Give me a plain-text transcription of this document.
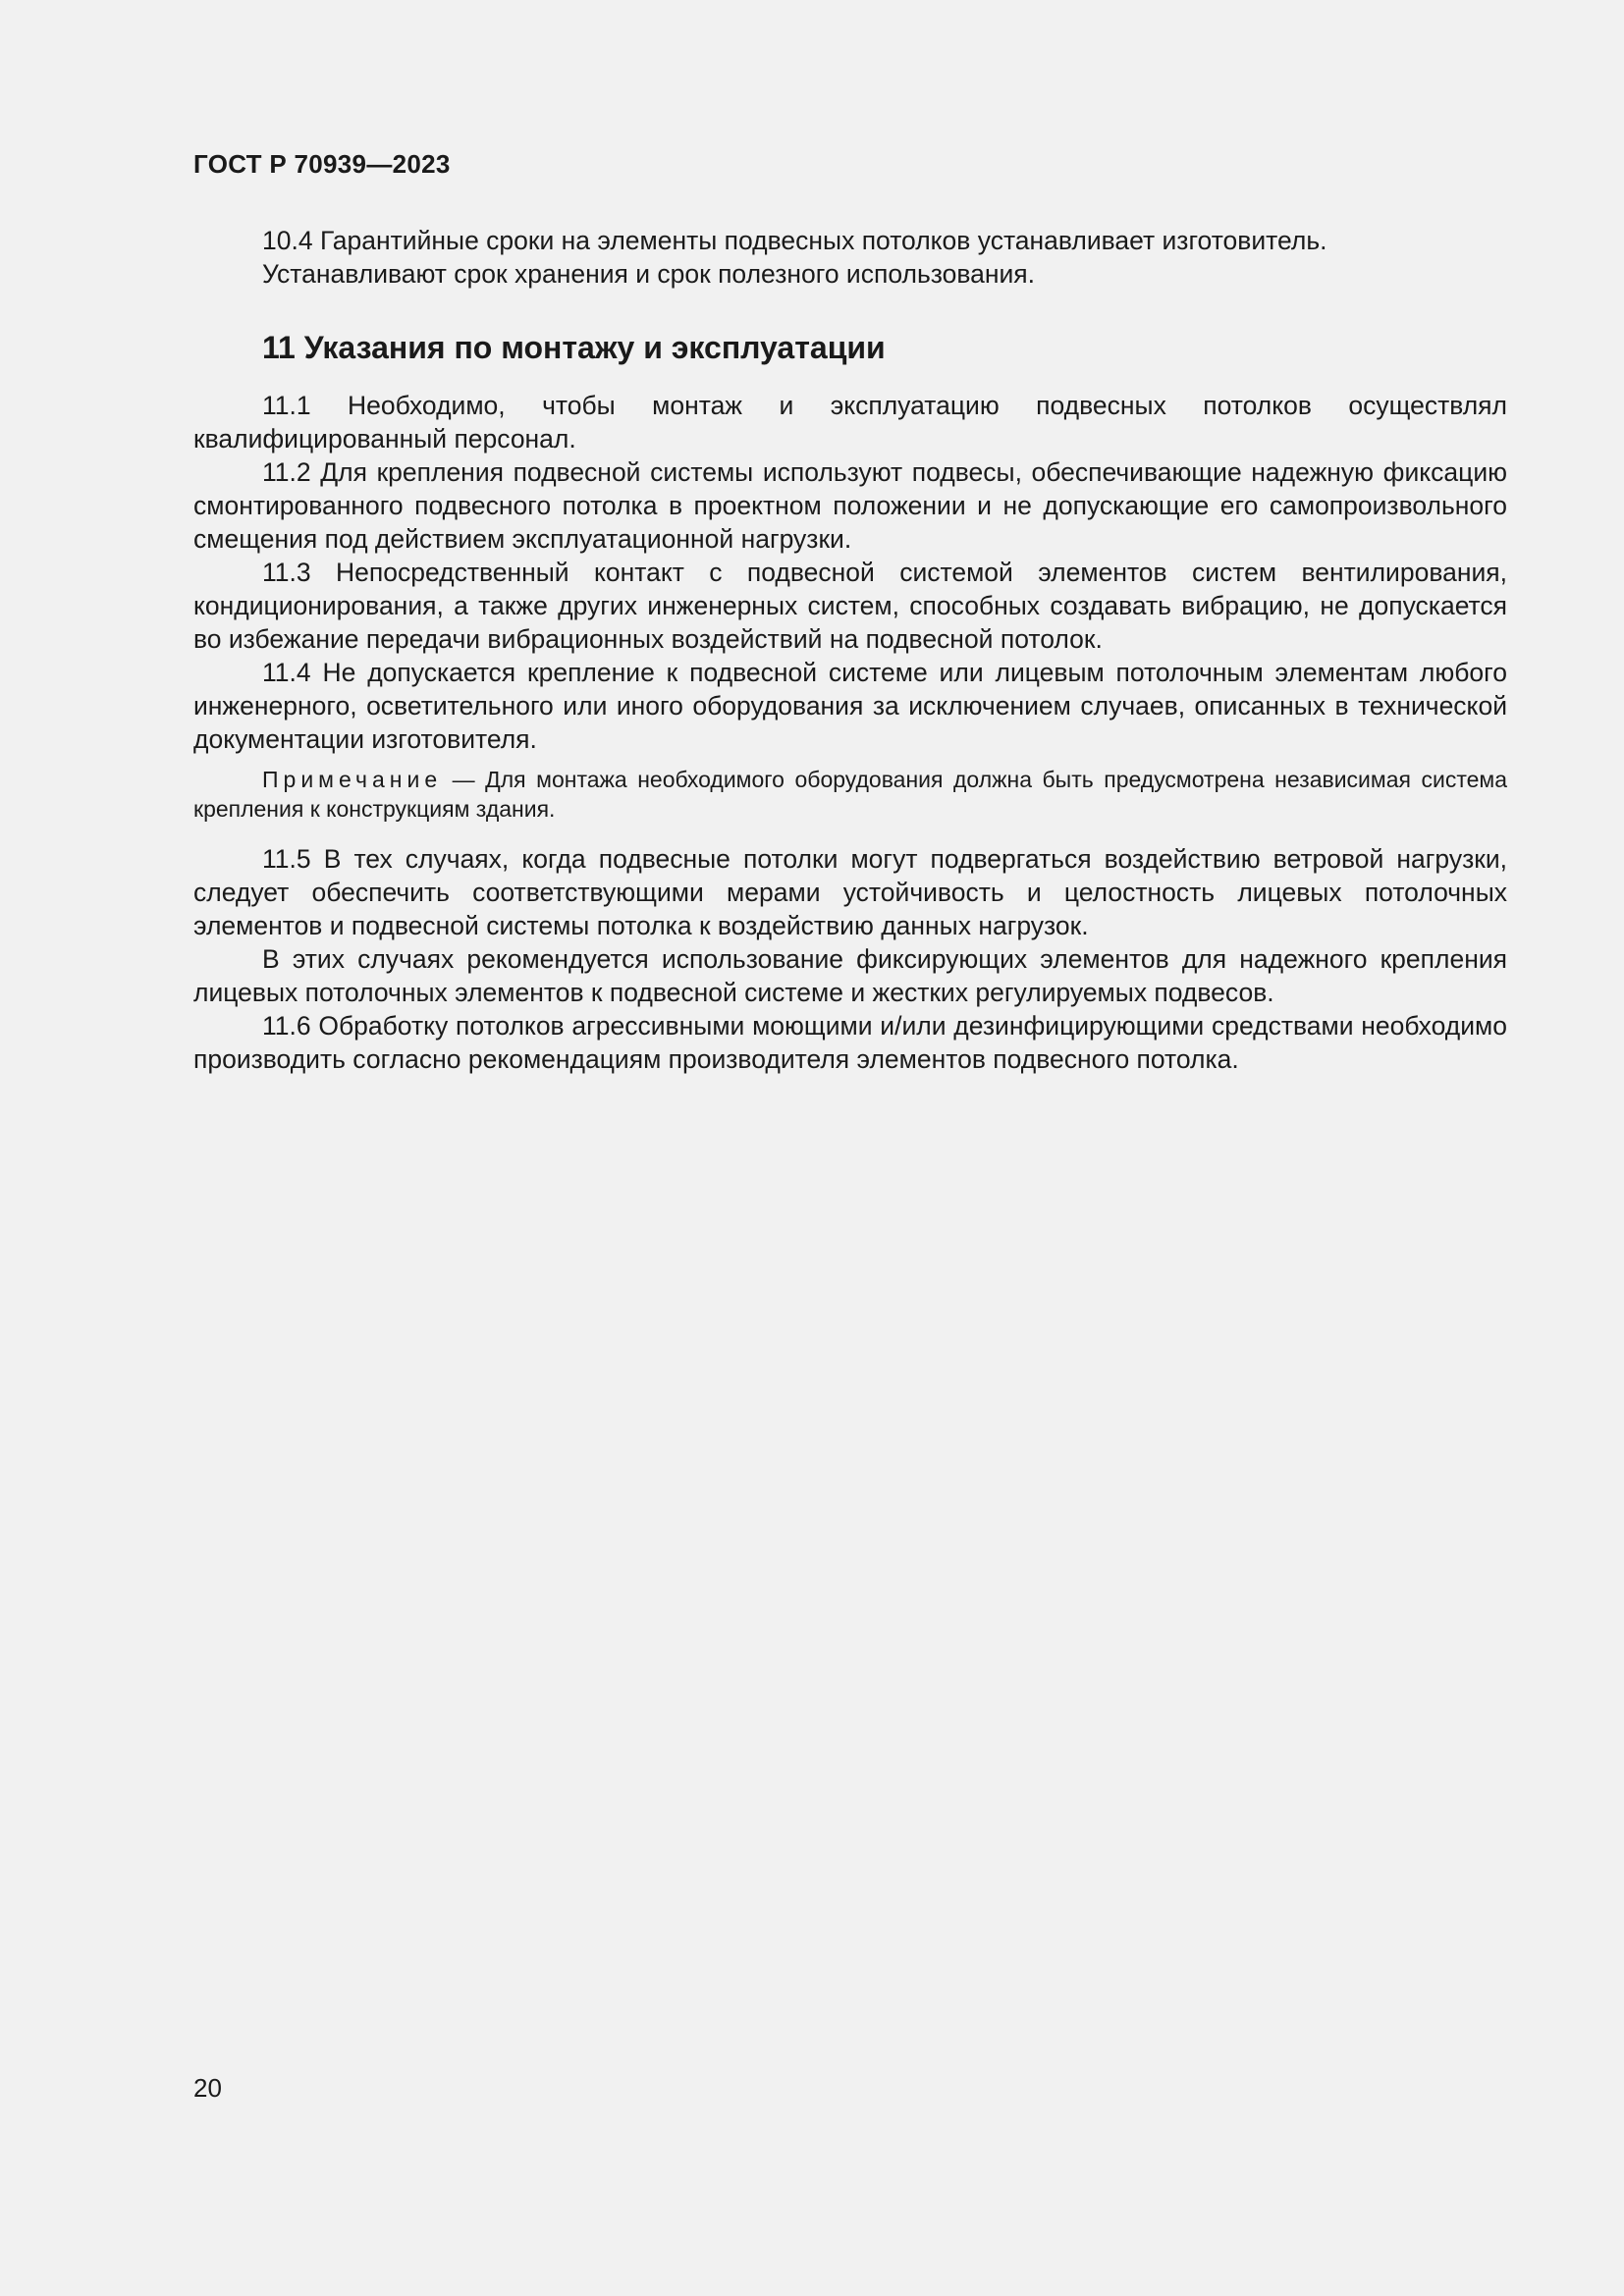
ГОСТ Р 70939—2023

10.4 Гарантийные сроки на элементы подвесных потолков устанавливает изготовитель.

Устанавливают срок хранения и срок полезного использования.

11 Указания по монтажу и эксплуатации

11.1 Необходимо, чтобы монтаж и эксплуатацию подвесных потолков осуществлял квалифицированный персонал.

11.2 Для крепления подвесной системы используют подвесы, обеспечивающие надежную фиксацию смонтированного подвесного потолка в проектном положении и не допускающие его самопроизвольного смещения под действием эксплуатационной нагрузки.

11.3 Непосредственный контакт с подвесной системой элементов систем вентилирования, кондиционирования, а также других инженерных систем, способных создавать вибрацию, не допускается во избежание передачи вибрационных воздействий на подвесной потолок.

11.4 Не допускается крепление к подвесной системе или лицевым потолочным элементам любого инженерного, осветительного или иного оборудования за исключением случаев, описанных в технической документации изготовителя.

Примечание — Для монтажа необходимого оборудования должна быть предусмотрена независимая система крепления к конструкциям здания.

11.5 В тех случаях, когда подвесные потолки могут подвергаться воздействию ветровой нагрузки, следует обеспечить соответствующими мерами устойчивость и целостность лицевых потолочных элементов и подвесной системы потолка к воздействию данных нагрузок.

В этих случаях рекомендуется использование фиксирующих элементов для надежного крепления лицевых потолочных элементов к подвесной системе и жестких регулируемых подвесов.

11.6 Обработку потолков агрессивными моющими и/или дезинфицирующими средствами необходимо производить согласно рекомендациям производителя элементов подвесного потолка.

20
